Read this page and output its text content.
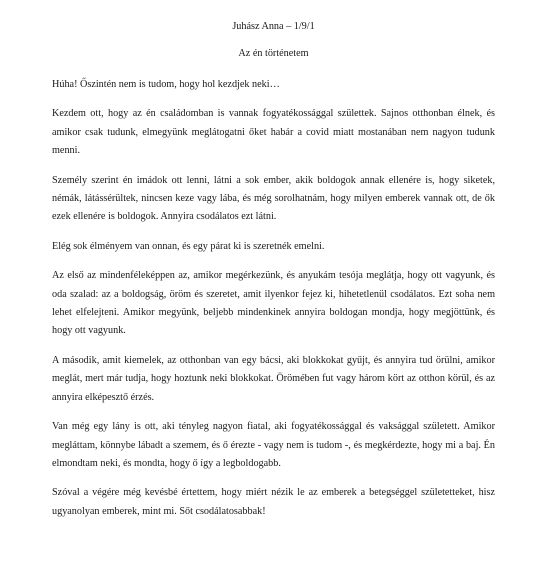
Juhász Anna – 1/9/1
Az én történetem

Húha! Őszintén nem is tudom, hogy hol kezdjek neki…

Kezdem ott, hogy az én családomban is vannak fogyatékossággal születtek. Sajnos otthonban élnek, és amikor csak tudunk, elmegyünk meglátogatni őket habár a covid miatt mostanában nem nagyon tudunk menni.

Személy szerint én imádok ott lenni, látni a sok ember, akik boldogok annak ellenére is, hogy siketek, némák, látássérültek, nincsen keze vagy lába, és még sorolhatnám, hogy milyen emberek vannak ott, de ők ezek ellenére is boldogok. Annyira csodálatos ezt látni.

Elég sok élményem van onnan, és egy párat ki is szeretnék emelni.

Az első az mindenféleképpen az, amikor megérkezünk, és anyukám tesója meglátja, hogy ott vagyunk, és oda szalad: az a boldogság, öröm és szeretet, amit ilyenkor fejez ki, hihetetlenül csodálatos. Ezt soha nem lehet elfelejteni. Amikor megyünk, beljebb mindenkinek annyira boldogan mondja, hogy megjöttünk, és hogy ott vagyunk.

A második, amit kiemelek, az otthonban van egy bácsi, aki blokkokat gyűjt, és annyira tud örülni, amikor meglát, mert már tudja, hogy hoztunk neki blokkokat. Örömében fut vagy három kört az otthon körül, és az annyira elképesztő érzés.

Van még egy lány is ott, aki tényleg nagyon fiatal, aki fogyatékossággal és vaksággal született. Amikor megláttam, könnybe lábadt a szemem, és ő érezte - vagy nem is tudom -, és megkérdezte, hogy mi a baj. Én elmondtam neki, és mondta, hogy ő így a legboldogabb.

Szóval a végére még kevésbé értettem, hogy miért nézik le az emberek a betegséggel születetteket, hisz ugyanolyan emberek, mint mi. Sőt csodálatosabbak!
